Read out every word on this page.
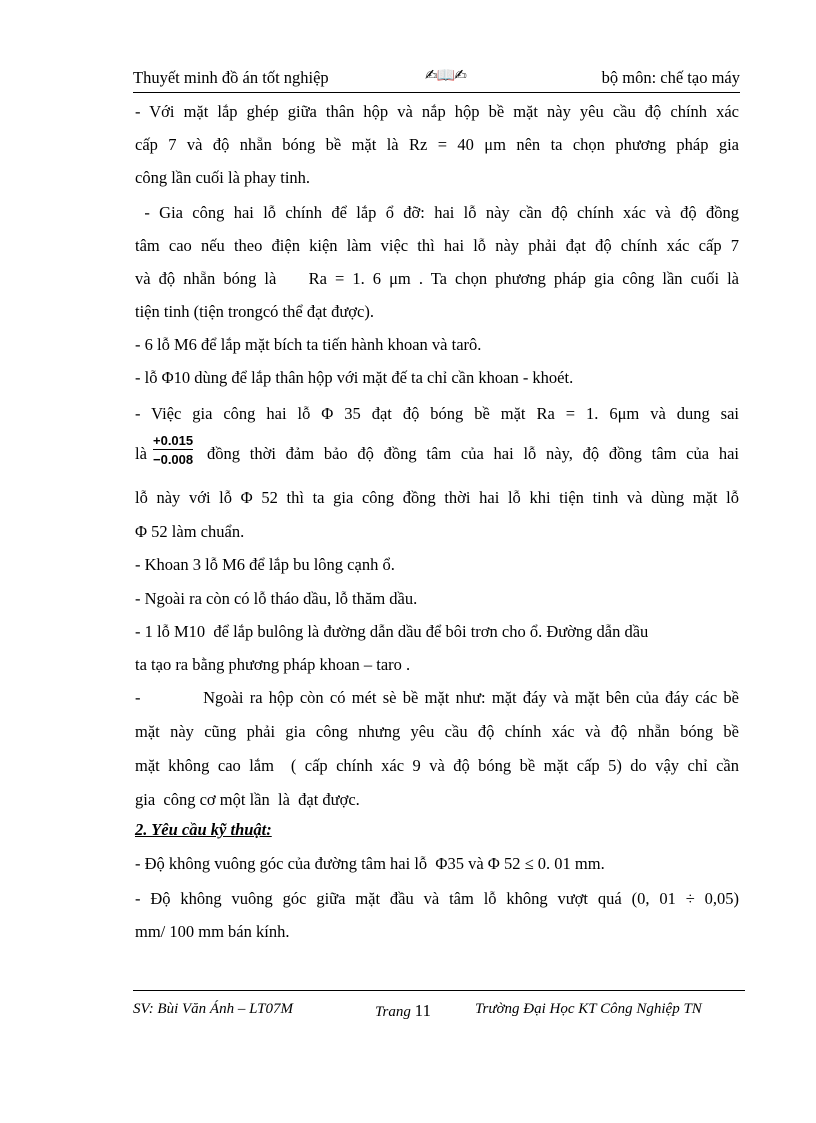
Thuyết minh đồ án tốt nghiệp	✍📖✍	bộ môn: chế tạo máy
- Với mặt lắp ghép giữa thân hộp và nắp hộp bề mặt này yêu cầu độ chính xác
cấp 7 và độ nhẵn bóng bề mặt là Rz = 40 μm nên ta chọn phương pháp gia
công lần cuối là phay tinh.
- Gia công hai lỗ chính để lắp ổ đỡ: hai lỗ này cần độ chính xác và độ đồng
tâm cao nếu theo điện kiện làm việc thì hai lỗ này phải đạt độ chính xác cấp 7
và độ nhẵn bóng là    Ra = 1. 6 μm . Ta chọn phương pháp gia công lần cuối là
tiện tinh (tiện trongcó thể đạt được).
- 6 lỗ M6 để lắp mặt bích ta tiến hành khoan và tarô.
- lỗ Φ10 dùng để lắp thân hộp với mặt đế ta chỉ cần khoan - khoét.
- Việc gia công hai lỗ Φ 35 đạt độ bóng bề mặt Ra = 1. 6μm và dung sai
là $\frac{+0.015}{-0.008}$ đồng thời đảm bảo độ đồng tâm của hai lỗ này, độ đồng tâm của hai
lỗ này với lỗ Φ 52 thì ta gia công đồng thời hai lỗ khi tiện tinh và dùng mặt lỗ
Φ 52 làm chuẩn.
- Khoan 3 lỗ M6 để lắp bu lông cạnh ổ.
- Ngoài ra còn có lỗ tháo dầu, lỗ thăm dầu.
- 1 lỗ M10  để lắp bulông là đường dẫn dầu để bôi trơn cho ổ. Đường dẫn dầu
ta tạo ra bằng phương pháp khoan – taro .
-          Ngoài ra hộp còn có mét sè bề mặt như: mặt đáy và mặt bên của đáy các bề
mặt này cũng phải gia công nhưng yêu cầu độ chính xác và độ nhẵn bóng bề
mặt không cao lắm  ( cấp chính xác 9 và độ bóng bề mặt cấp 5) do vậy chỉ cần
gia  công cơ một lần  là  đạt được.
2. Yêu cầu kỹ thuật:
- Độ không vuông góc của đường tâm hai lỗ  Φ35 và Φ 52 ≤ 0. 01 mm.
- Độ không vuông góc giữa mặt đầu và tâm lỗ không vượt quá (0, 01 ÷ 0,05)
mm/ 100 mm bán kính.
SV: Bùi Văn Ánh – LT07M	Trang 11	Trường Đại Học KT Công Nghiệp TN
